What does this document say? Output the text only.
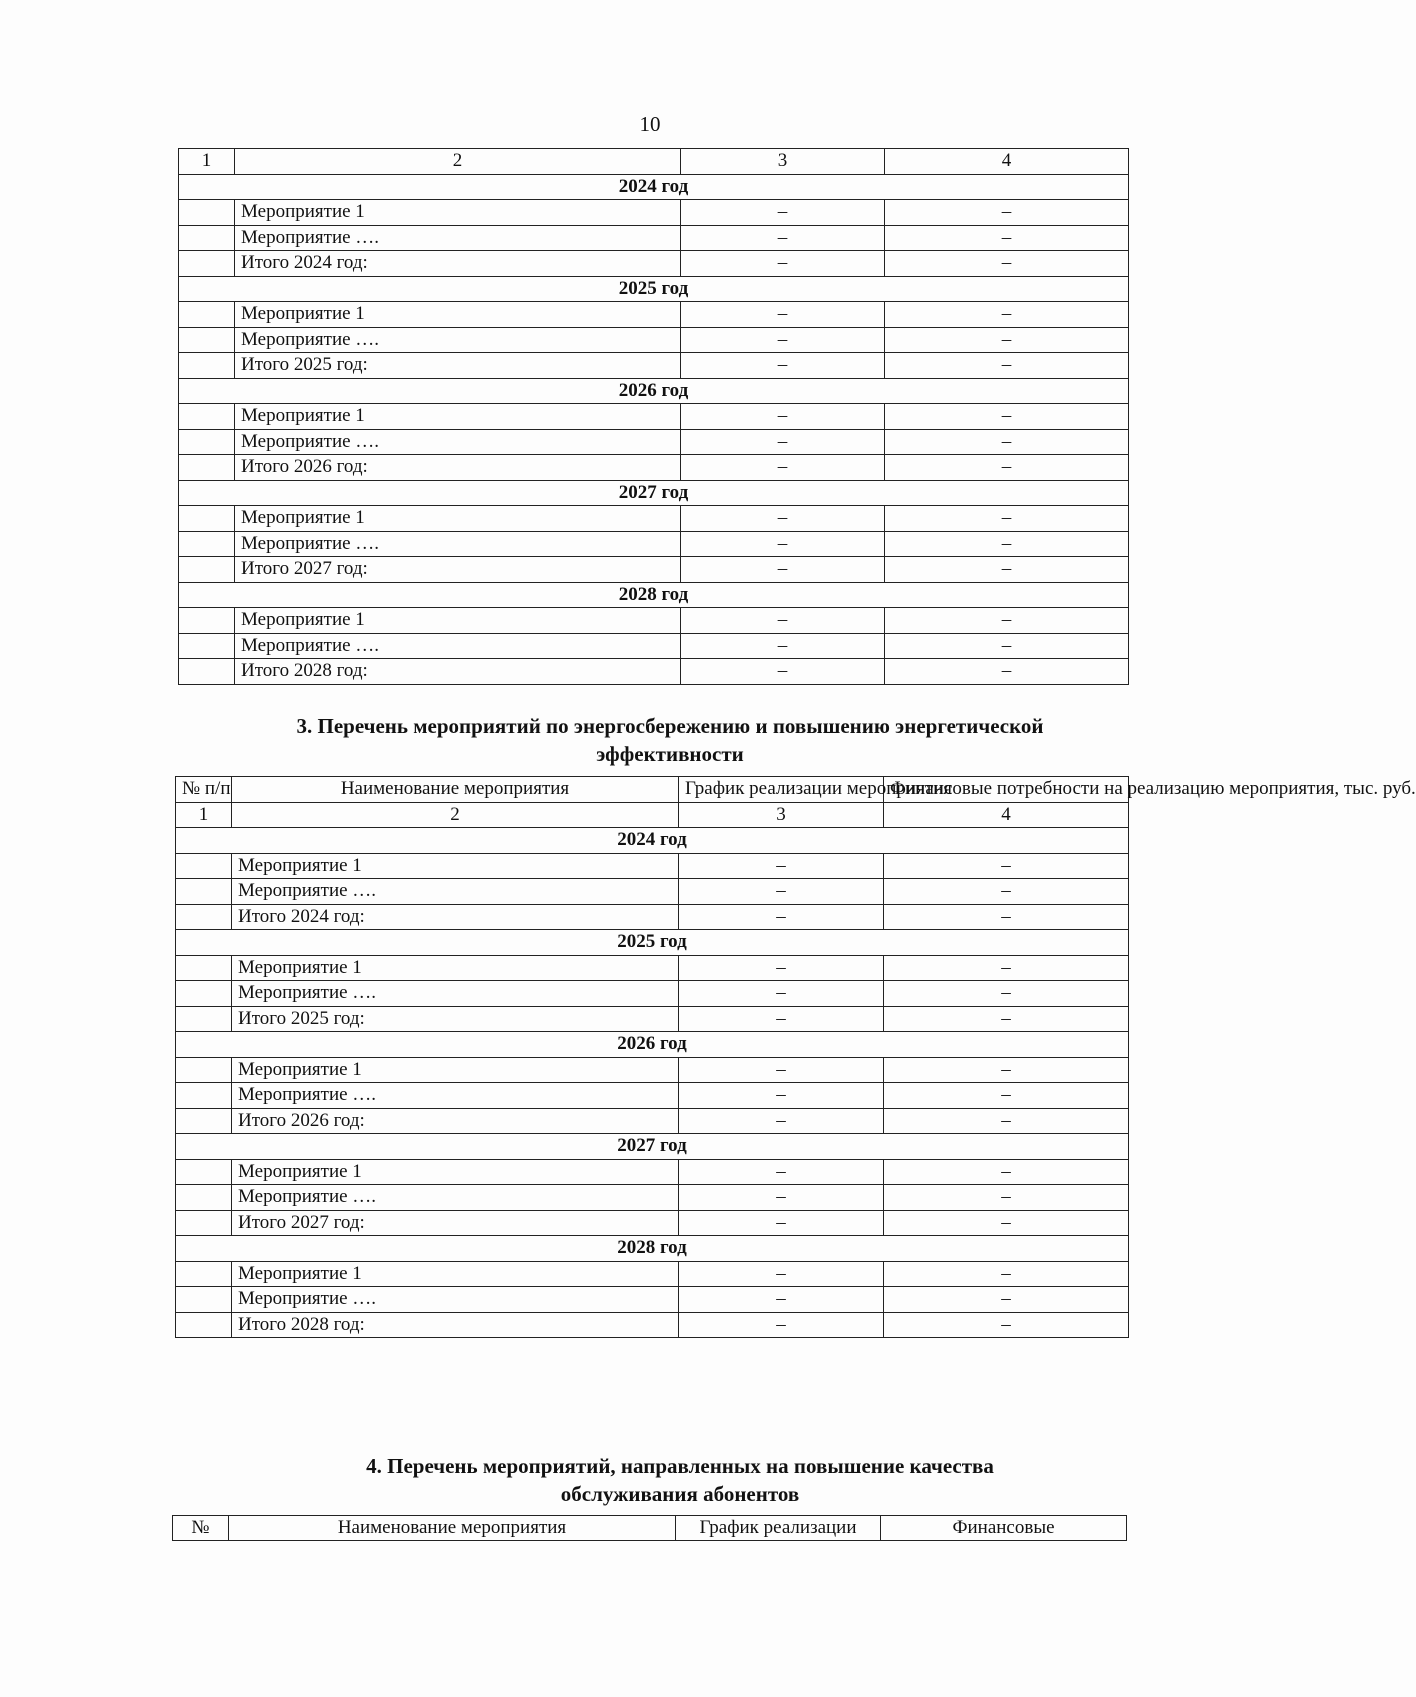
10
1	2	3	4
2024 год			
	Мероприятие 1	–	–
	Мероприятие ….	–	–
	Итого 2024 год:	–	–
2025 год			
	Мероприятие 1	–	–
	Мероприятие ….	–	–
	Итого 2025 год:	–	–
2026 год			
	Мероприятие 1	–	–
	Мероприятие ….	–	–
	Итого 2026 год:	–	–
2027 год			
	Мероприятие 1	–	–
	Мероприятие ….	–	–
	Итого 2027 год:	–	–
2028 год			
	Мероприятие 1	–	–
	Мероприятие ….	–	–
	Итого 2028 год:	–	–
3. Перечень мероприятий по энергосбережению и повышению энергетической
эффективности
№ п/п	Наименование мероприятия	График реализации мероприятия	Финансовые потребности на реализацию мероприятия, тыс. руб.
1	2	3	4
2024 год			
	Мероприятие 1	–	–
	Мероприятие ….	–	–
	Итого 2024 год:	–	–
2025 год			
	Мероприятие 1	–	–
	Мероприятие ….	–	–
	Итого 2025 год:	–	–
2026 год			
	Мероприятие 1	–	–
	Мероприятие ….	–	–
	Итого 2026 год:	–	–
2027 год			
	Мероприятие 1	–	–
	Мероприятие ….	–	–
	Итого 2027 год:	–	–
2028 год			
	Мероприятие 1	–	–
	Мероприятие ….	–	–
	Итого 2028 год:	–	–
4. Перечень мероприятий, направленных на повышение качества
обслуживания абонентов
№	Наименование мероприятия	График реализации	Финансовые
